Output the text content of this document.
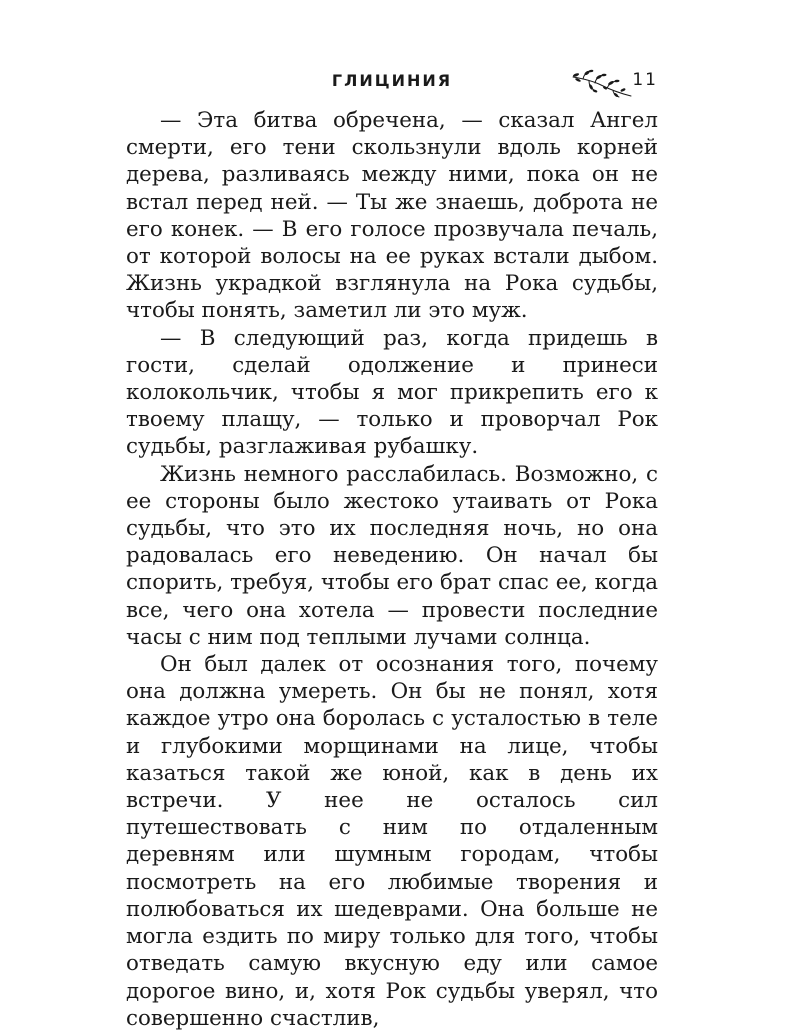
ГЛИЦИНИЯ	11

— Эта битва обречена, — сказал Ангел смерти, его тени скользнули вдоль корней дерева, разливаясь между ними, пока он не встал перед ней. — Ты же знаешь, доброта не его конек. — В его голосе прозвучала печаль, от которой волосы на ее руках встали дыбом. Жизнь украдкой взглянула на Рока судьбы, чтобы понять, заметил ли это муж.

— В следующий раз, когда придешь в гости, сделай одолжение и принеси колокольчик, чтобы я мог прикрепить его к твоему плащу, — только и проворчал Рок судьбы, разглаживая рубашку.

Жизнь немного расслабилась. Возможно, с ее стороны было жестоко утаивать от Рока судьбы, что это их последняя ночь, но она радовалась его неведению. Он начал бы спорить, требуя, чтобы его брат спас ее, когда все, чего она хотела — провести последние часы с ним под теплыми лучами солнца.

Он был далек от осознания того, почему она должна умереть. Он бы не понял, хотя каждое утро она боролась с усталостью в теле и глубокими морщинами на лице, чтобы казаться такой же юной, как в день их встречи. У нее не осталось сил путешествовать с ним по отдаленным деревням или шумным городам, чтобы посмотреть на его любимые творения и полюбоваться их шедеврами. Она больше не могла ездить по миру только для того, чтобы отведать самую вкусную еду или самое дорогое вино, и, хотя Рок судьбы уверял, что совершенно счастлив,
